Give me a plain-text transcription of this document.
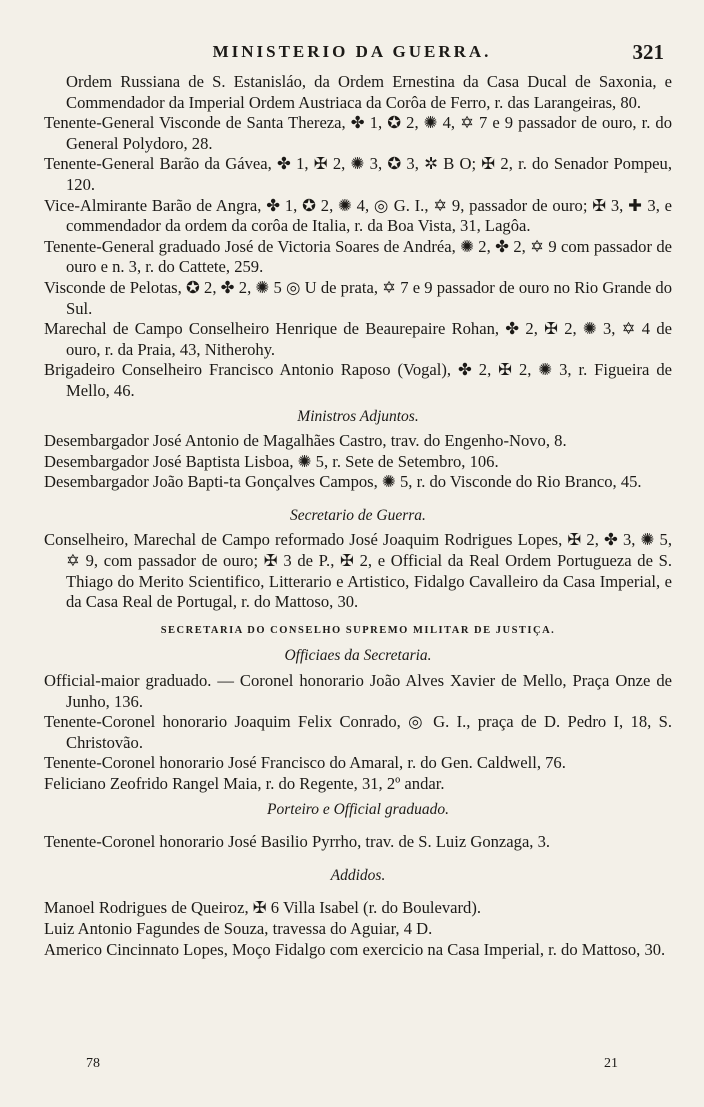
MINISTERIO DA GUERRA.	321

Ordem Russiana de S. Estanisláo, da Ordem Ernestina da Casa Ducal de Saxonia, e Commendador da Imperial Ordem Austriaca da Corôa de Ferro, r. das Larangeiras, 80.

Tenente-General Visconde de Santa Thereza, ✤ 1, ✪ 2, ✺ 4, ✡ 7 e 9 passador de ouro, r. do General Polydoro, 28.

Tenente-General Barão da Gávea, ✤ 1, ✠ 2, ✺ 3, ✪ 3, ✲ B O; ✠ 2, r. do Senador Pompeu, 120.

Vice-Almirante Barão de Angra, ✤ 1, ✪ 2, ✺ 4, ◎ G. I., ✡ 9, passador de ouro; ✠ 3, ✚ 3, e commendador da ordem da corôa de Italia, r. da Boa Vista, 31, Lagôa.

Tenente-General graduado José de Victoria Soares de Andréa, ✺ 2, ✤ 2, ✡ 9 com passador de ouro e n. 3, r. do Cattete, 259.

Visconde de Pelotas, ✪ 2, ✤ 2, ✺ 5 ◎ U de prata, ✡ 7 e 9 passador de ouro no Rio Grande do Sul.

Marechal de Campo Conselheiro Henrique de Beaurepaire Rohan, ✤ 2, ✠ 2, ✺ 3, ✡ 4 de ouro, r. da Praia, 43, Nitherohy.

Brigadeiro Conselheiro Francisco Antonio Raposo (Vogal), ✤ 2, ✠ 2, ✺ 3, r. Figueira de Mello, 46.

Ministros Adjuntos.

Desembargador José Antonio de Magalhães Castro, trav. do Engenho-Novo, 8.

Desembargador José Baptista Lisboa, ✺ 5, r. Sete de Setembro, 106.

Desembargador João Bapti-ta Gonçalves Campos, ✺ 5, r. do Visconde do Rio Branco, 45.

Secretario de Guerra.

Conselheiro, Marechal de Campo reformado José Joaquim Rodrigues Lopes, ✠ 2, ✤ 3, ✺ 5, ✡ 9, com passador de ouro; ✠ 3 de P., ✠ 2, e Official da Real Ordem Portugueza de S. Thiago do Merito Scientifico, Litterario e Artistico, Fidalgo Cavalleiro da Casa Imperial, e da Casa Real de Portugal, r. do Mattoso, 30.

SECRETARIA DO CONSELHO SUPREMO MILITAR DE JUSTIÇA.
Officiaes da Secretaria.

Official-maior graduado. — Coronel honorario João Alves Xavier de Mello, Praça Onze de Junho, 136.

Tenente-Coronel honorario Joaquim Felix Conrado, ◎ G. I., praça de D. Pedro I, 18, S. Christovão.

Tenente-Coronel honorario José Francisco do Amaral, r. do Gen. Caldwell, 76.

Feliciano Zeofrido Rangel Maia, r. do Regente, 31, 2º andar.

Porteiro e Official graduado.

Tenente-Coronel honorario José Basilio Pyrrho, trav. de S. Luiz Gonzaga, 3.

Addidos.

Manoel Rodrigues de Queiroz, ✠ 6 Villa Isabel (r. do Boulevard).

Luiz Antonio Fagundes de Souza, travessa do Aguiar, 4 D.

Americo Cincinnato Lopes, Moço Fidalgo com exercicio na Casa Imperial, r. do Mattoso, 30.

78	21
